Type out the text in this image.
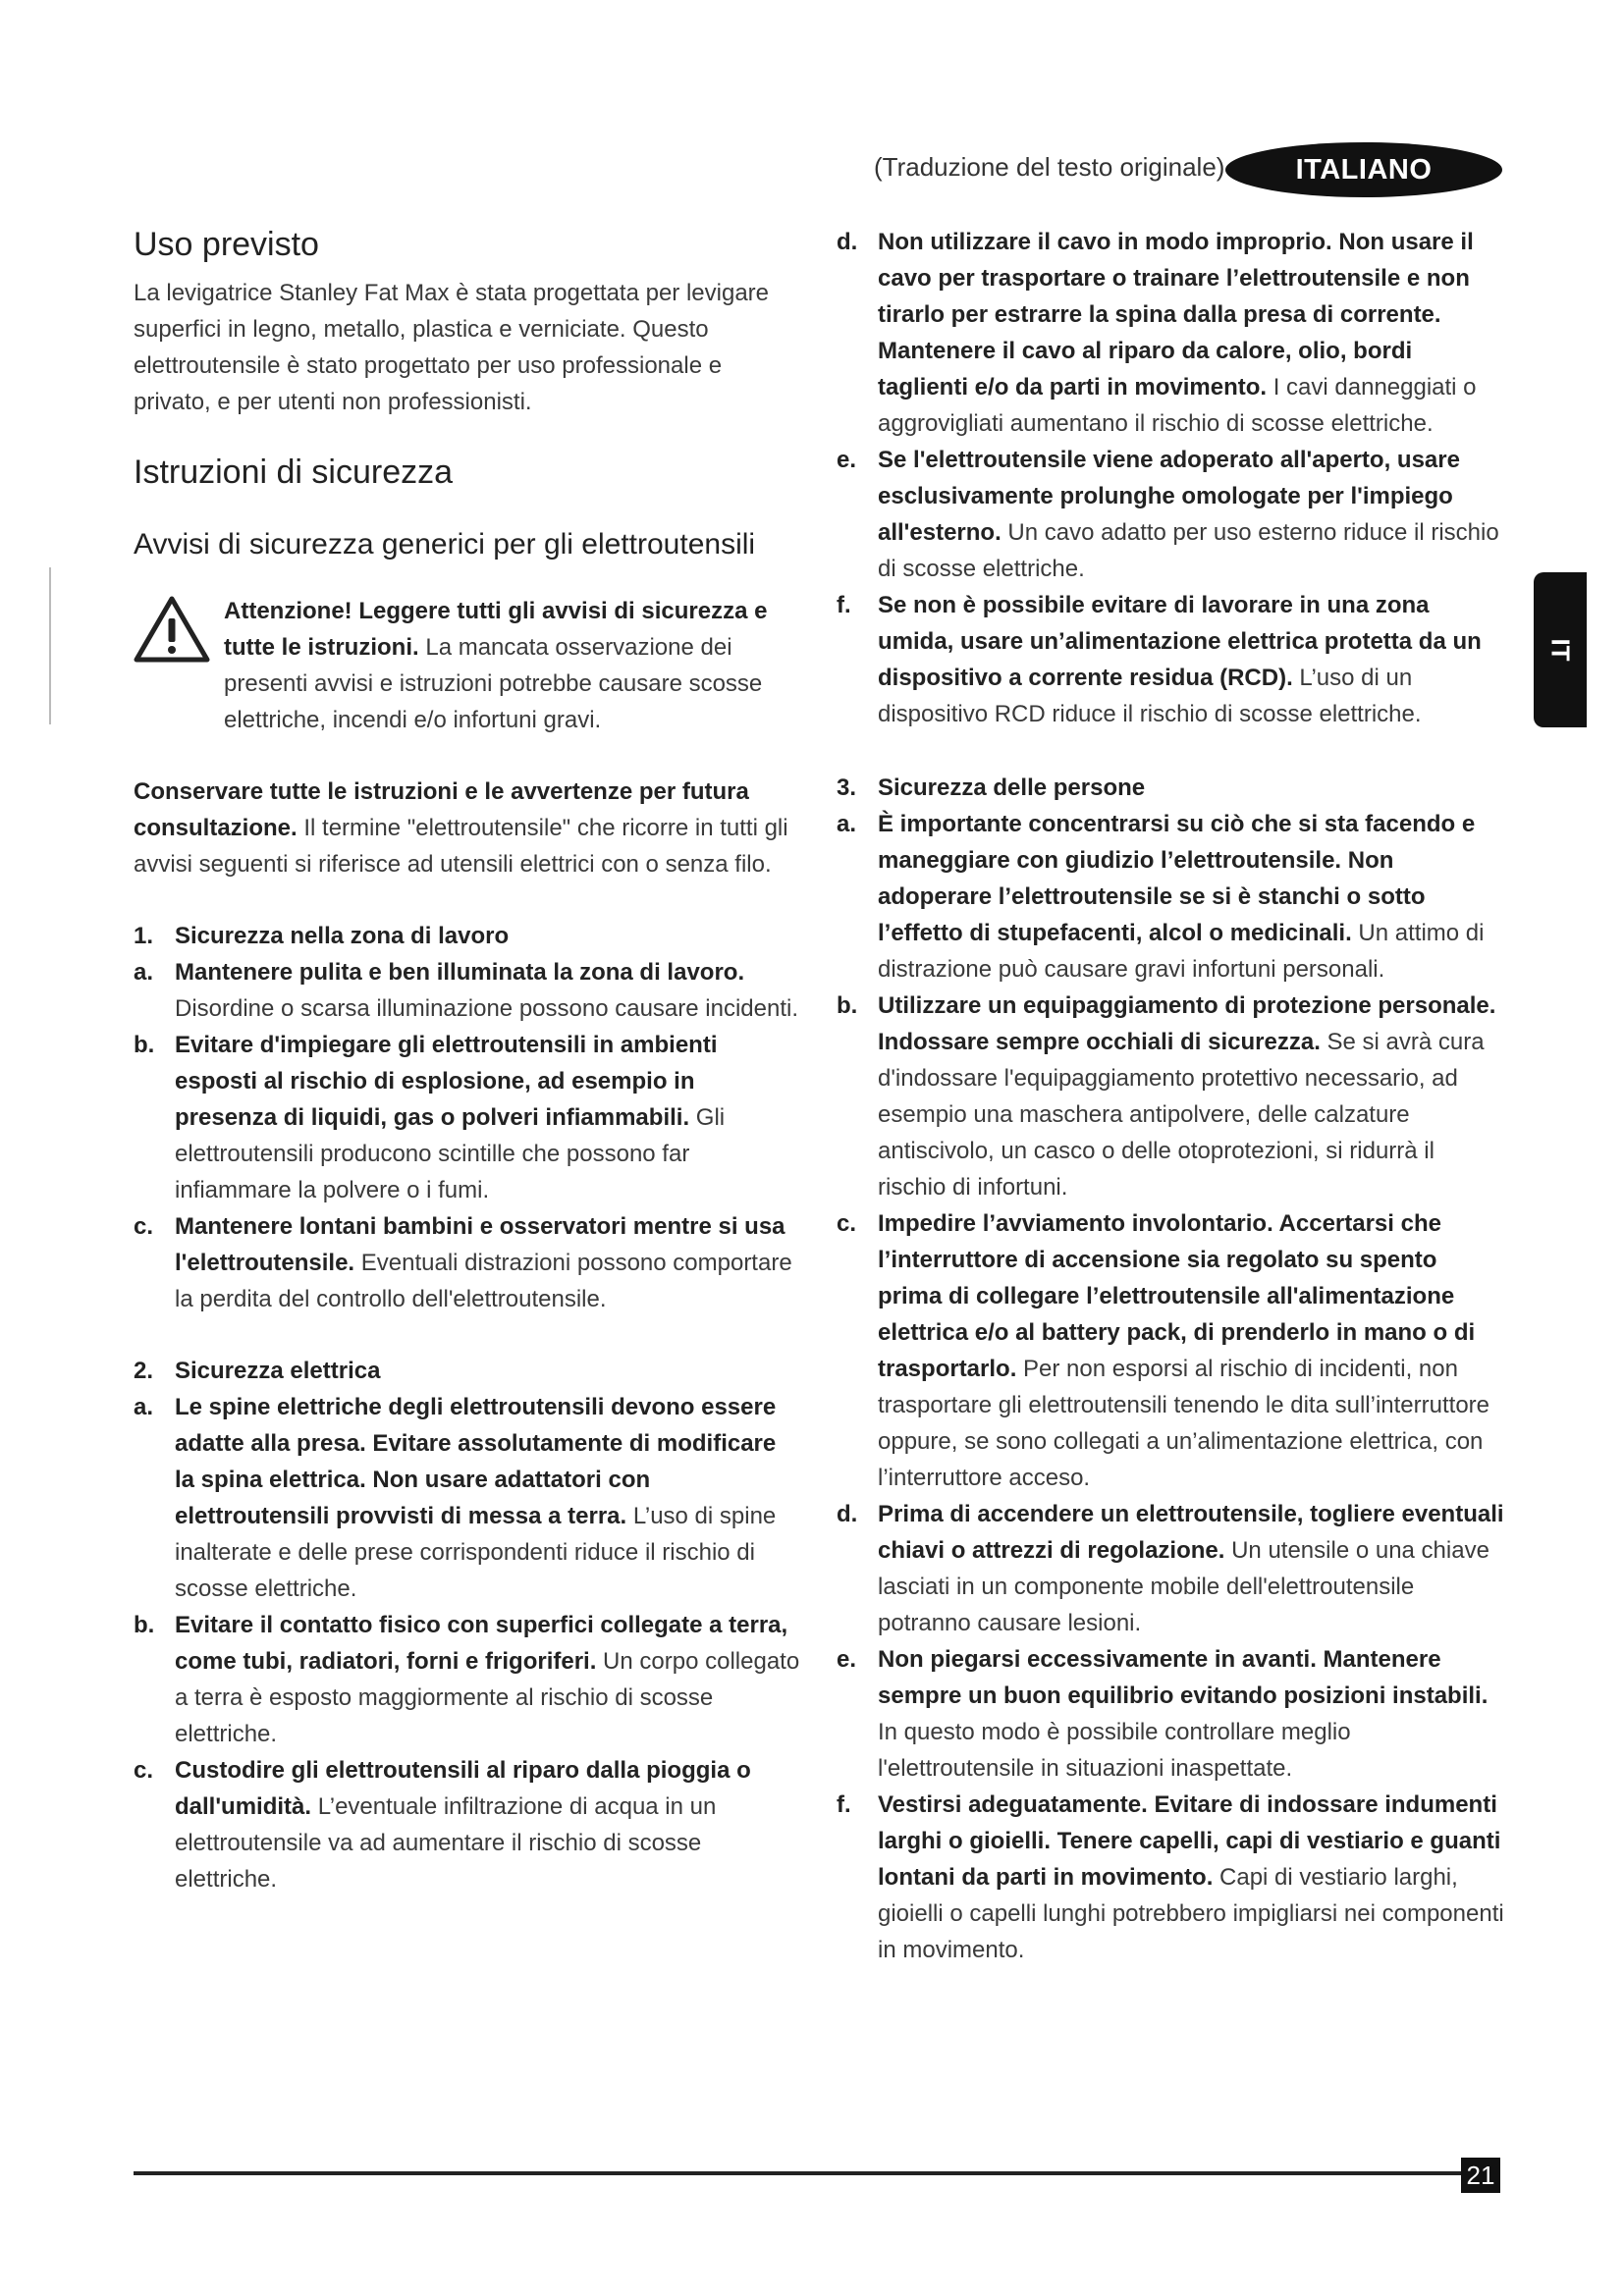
(Traduzione del testo originale)	ITALIANO
IT
Uso previsto

La levigatrice Stanley Fat Max è stata progettata per levigare superfici in legno, metallo, plastica e verniciate. Questo elettroutensile è stato progettato per uso professionale e privato, e per utenti non professionisti.

Istruzioni di sicurezza
Avvisi di sicurezza generici per gli elettroutensili

Attenzione! Leggere tutti gli avvisi di sicurezza e tutte le istruzioni. La mancata osservazione dei presenti avvisi e istruzioni potrebbe causare scosse elettriche, incendi e/o infortuni gravi.

Conservare tutte le istruzioni e le avvertenze per futura consultazione. Il termine "elettroutensile" che ricorre in tutti gli avvisi seguenti si riferisce ad utensili elettrici con o senza filo.

1. Sicurezza nella zona di lavoro
a. Mantenere pulita e ben illuminata la zona di lavoro. Disordine o scarsa illuminazione possono causare incidenti.
b. Evitare d'impiegare gli elettroutensili in ambienti esposti al rischio di esplosione, ad esempio in presenza di liquidi, gas o polveri infiammabili. Gli elettroutensili producono scintille che possono far infiammare la polvere o i fumi.
c. Mantenere lontani bambini e osservatori mentre si usa l'elettroutensile. Eventuali distrazioni possono comportare la perdita del controllo dell'elettroutensile.
2. Sicurezza elettrica
a. Le spine elettriche degli elettroutensili devono essere adatte alla presa. Evitare assolutamente di modificare la spina elettrica. Non usare adattatori con elettroutensili provvisti di messa a terra. L’uso di spine inalterate e delle prese corrispondenti riduce il rischio di scosse elettriche.
b. Evitare il contatto fisico con superfici collegate a terra, come tubi, radiatori, forni e frigoriferi. Un corpo collegato a terra è esposto maggiormente al rischio di scosse elettriche.
c. Custodire gli elettroutensili al riparo dalla pioggia o dall'umidità. L’eventuale infiltrazione di acqua in un elettroutensile va ad aumentare il rischio di scosse elettriche.
d. Non utilizzare il cavo in modo improprio. Non usare il cavo per trasportare o trainare l’elettroutensile e non tirarlo per estrarre la spina dalla presa di corrente. Mantenere il cavo al riparo da calore, olio, bordi taglienti e/o da parti in movimento. I cavi danneggiati o aggrovigliati aumentano il rischio di scosse elettriche.
e. Se l'elettroutensile viene adoperato all'aperto, usare esclusivamente prolunghe omologate per l'impiego all'esterno. Un cavo adatto per uso esterno riduce il rischio di scosse elettriche.
f.	Se non è possibile evitare di lavorare in una zona umida, usare un’alimentazione elettrica protetta da un dispositivo a corrente residua (RCD). L’uso di un dispositivo RCD riduce il rischio di scosse elettriche.
3. Sicurezza delle persone
a. È importante concentrarsi su ciò che si sta facendo e maneggiare con giudizio l’elettroutensile. Non adoperare l’elettroutensile se si è stanchi o sotto l’effetto di stupefacenti, alcol o medicinali. Un attimo di distrazione può causare gravi infortuni personali.
b. Utilizzare un equipaggiamento di protezione personale. Indossare sempre occhiali di sicurezza. Se si avrà cura d'indossare l'equipaggiamento protettivo necessario, ad esempio una maschera antipolvere, delle calzature antiscivolo, un casco o delle otoprotezioni, si ridurrà il rischio di infortuni.
c. Impedire l’avviamento involontario. Accertarsi che l’interruttore di accensione sia regolato su spento prima di collegare l’elettroutensile all'alimentazione elettrica e/o al battery pack, di prenderlo in mano o di trasportarlo. Per non esporsi al rischio di incidenti, non trasportare gli elettroutensili tenendo le dita sull’interruttore oppure, se sono collegati a un’alimentazione elettrica, con l’interruttore acceso.
d. Prima di accendere un elettroutensile, togliere eventuali chiavi o attrezzi di regolazione. Un utensile o una chiave lasciati in un componente mobile dell'elettroutensile potranno causare lesioni.
e. Non piegarsi eccessivamente in avanti. Mantenere sempre un buon equilibrio evitando posizioni instabili. In questo modo è possibile controllare meglio l'elettroutensile in situazioni inaspettate.
f.	Vestirsi adeguatamente. Evitare di indossare indumenti larghi o gioielli. Tenere capelli, capi di vestiario e guanti lontani da parti in movimento. Capi di vestiario larghi, gioielli o capelli lunghi potrebbero impigliarsi nei componenti in movimento.
21
